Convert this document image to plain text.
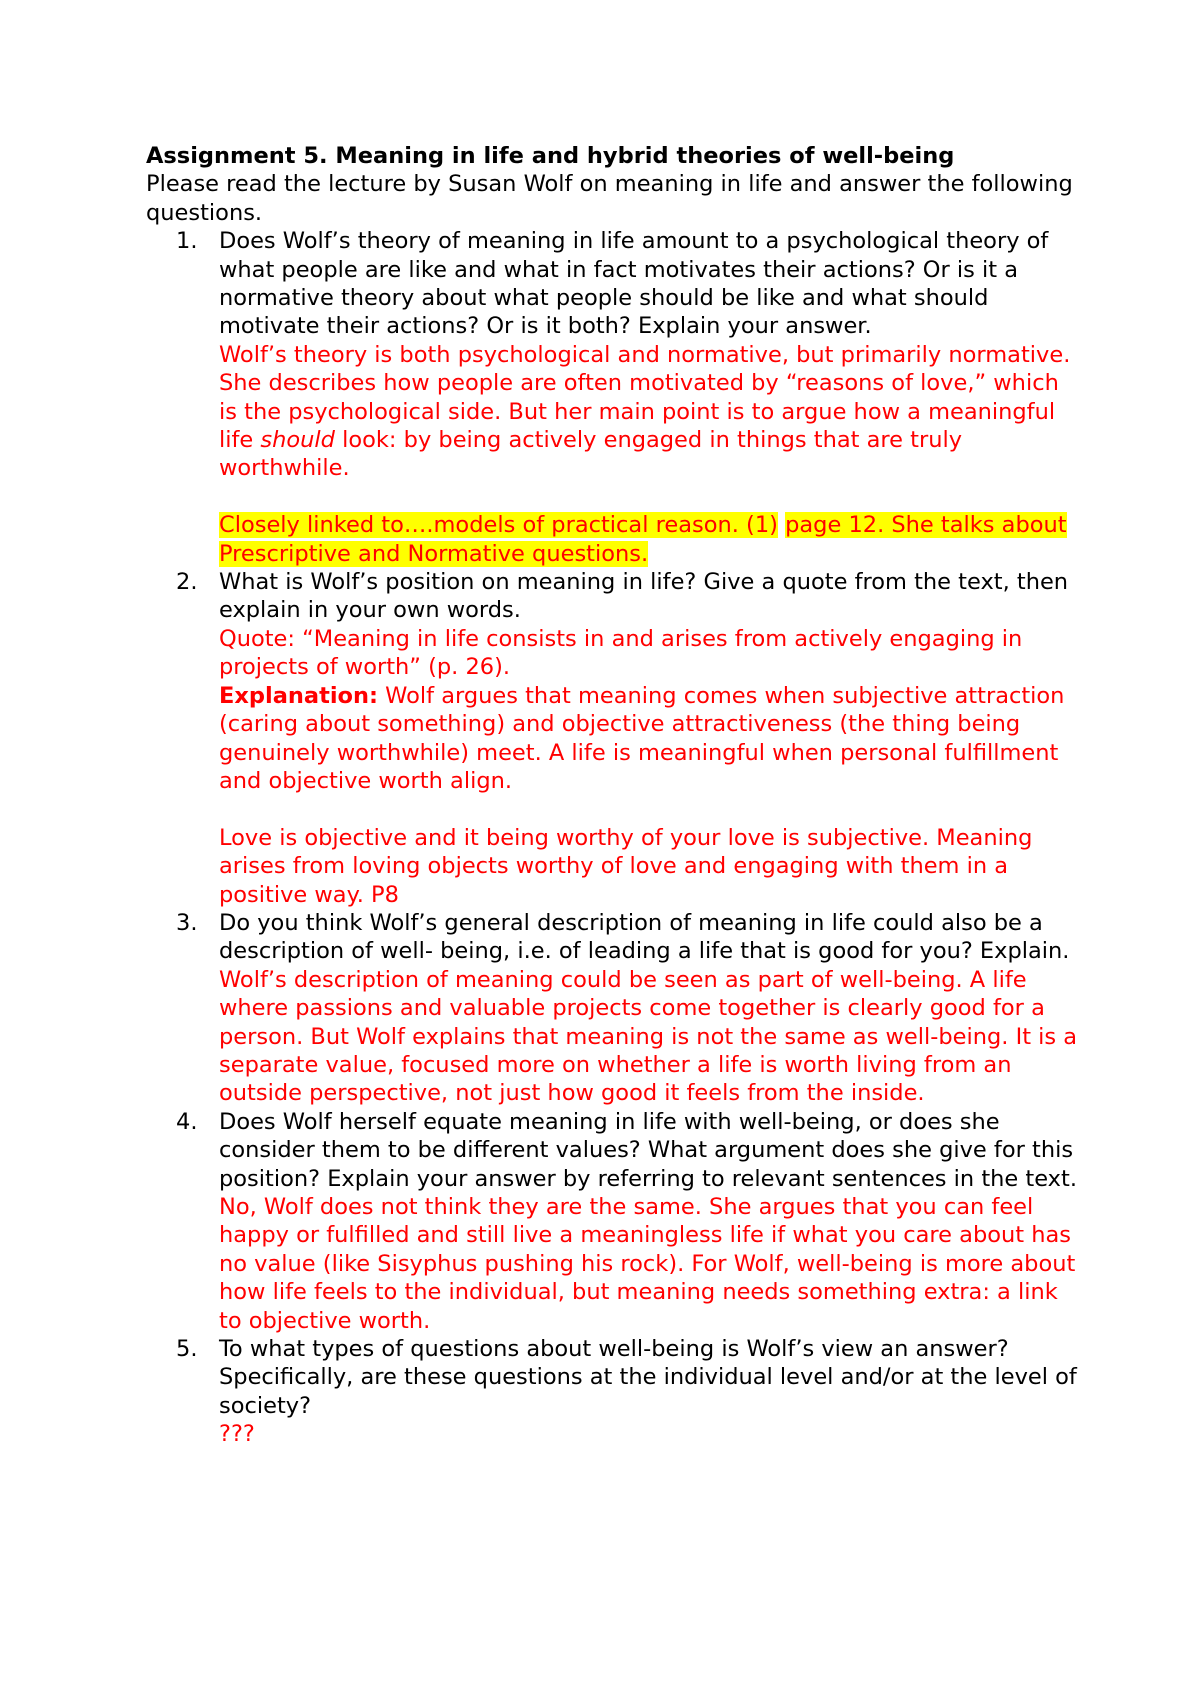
Assignment 5. Meaning in life and hybrid theories of well-being

Please read the lecture by Susan Wolf on meaning in life and answer the following questions.

1. Does Wolf’s theory of meaning in life amount to a psychological theory of what people are like and what in fact motivates their actions? Or is it a normative theory about what people should be like and what should motivate their actions? Or is it both? Explain your answer.
Wolf’s theory is both psychological and normative, but primarily normative. She describes how people are often motivated by “reasons of love,” which is the psychological side. But her main point is to argue how a meaningful life should look: by being actively engaged in things that are truly worthwhile.
Closely linked to….models of practical reason. (1) page 12. She talks about Prescriptive and Normative questions.
2. What is Wolf’s position on meaning in life? Give a quote from the text, then explain in your own words.
Quote: “Meaning in life consists in and arises from actively engaging in projects of worth” (p. 26).
Explanation: Wolf argues that meaning comes when subjective attraction (caring about something) and objective attractiveness (the thing being genuinely worthwhile) meet. A life is meaningful when personal fulfillment and objective worth align.
Love is objective and it being worthy of your love is subjective. Meaning arises from loving objects worthy of love and engaging with them in a positive way. P8
3. Do you think Wolf’s general description of meaning in life could also be a description of well- being, i.e. of leading a life that is good for you? Explain.
Wolf’s description of meaning could be seen as part of well-being. A life where passions and valuable projects come together is clearly good for a person. But Wolf explains that meaning is not the same as well-being. It is a separate value, focused more on whether a life is worth living from an outside perspective, not just how good it feels from the inside.
4. Does Wolf herself equate meaning in life with well-being, or does she consider them to be different values? What argument does she give for this position? Explain your answer by referring to relevant sentences in the text.
No, Wolf does not think they are the same. She argues that you can feel happy or fulfilled and still live a meaningless life if what you care about has no value (like Sisyphus pushing his rock). For Wolf, well-being is more about how life feels to the individual, but meaning needs something extra: a link to objective worth.
5. To what types of questions about well-being is Wolf’s view an answer? Specifically, are these questions at the individual level and/or at the level of society?
???
